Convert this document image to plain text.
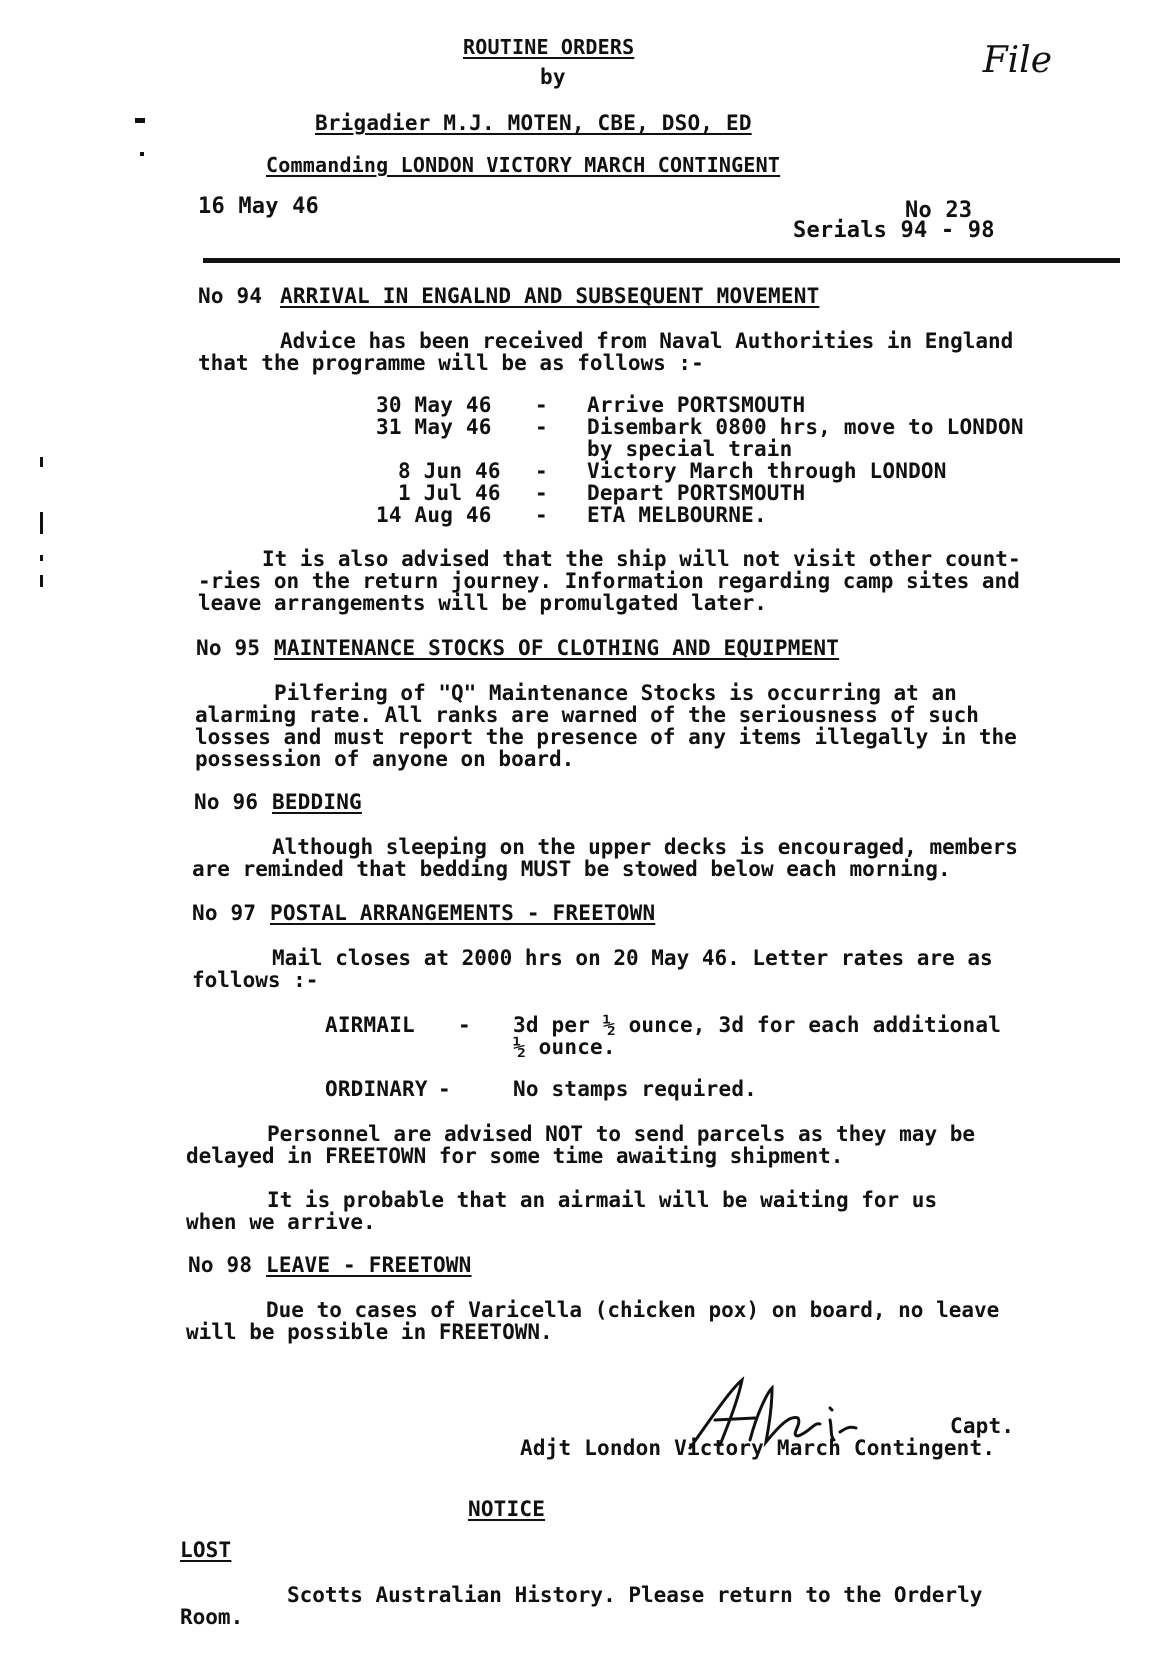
ROUTINE ORDERS
by
Brigadier M.J. MOTEN, CBE, DSO, ED
Commanding LONDON VICTORY MARCH CONTINGENT
File
16 May 46	No 23
Serials 94 - 98
No 94 ARRIVAL IN ENGALND AND SUBSEQUENT MOVEMENT
Advice has been received from Naval Authorities in England
that the programme will be as follows :-
30 May 46 - Arrive PORTSMOUTH
31 May 46 - Disembark 0800 hrs, move to LONDON
by special train
8 Jun 46 - Victory March through LONDON
1 Jul 46 - Depart PORTSMOUTH
14 Aug 46 - ETA MELBOURNE.
It is also advised that the ship will not visit other count-
-ries on the return journey. Information regarding camp sites and
leave arrangements will be promulgated later.
No 95 MAINTENANCE STOCKS OF CLOTHING AND EQUIPMENT
Pilfering of "Q" Maintenance Stocks is occurring at an
alarming rate. All ranks are warned of the seriousness of such
losses and must report the presence of any items illegally in the
possession of anyone on board.
No 96 BEDDING
Although sleeping on the upper decks is encouraged, members
are reminded that bedding MUST be stowed below each morning.
No 97 POSTAL ARRANGEMENTS - FREETOWN
Mail closes at 2000 hrs on 20 May 46. Letter rates are as
follows :-
AIRMAIL - 3d per ½ ounce, 3d for each additional
½ ounce.
ORDINARY -	No stamps required.
Personnel are advised NOT to send parcels as they may be
delayed in FREETOWN for some time awaiting shipment.
It is probable that an airmail will be waiting for us
when we arrive.
No 98 LEAVE - FREETOWN
Due to cases of Varicella (chicken pox) on board, no leave
will be possible in FREETOWN.
Capt.
Adjt London Victory March Contingent.
NOTICE
LOST
Scotts Australian History. Please return to the Orderly
Room.
